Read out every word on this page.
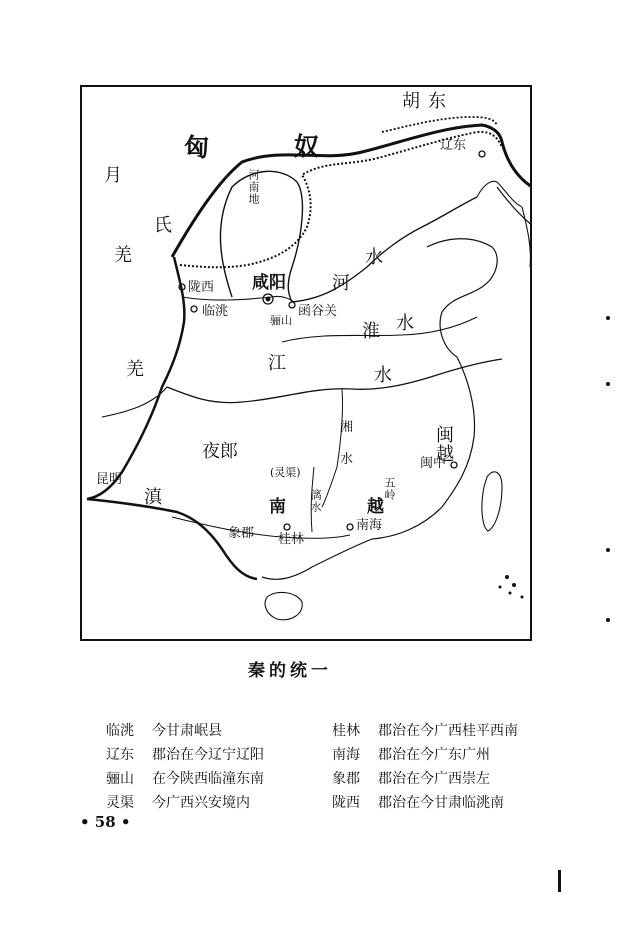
匈	奴
胡东
月
氏
羌
羌
夜郎
滇	南	越
闽越
河
水
淮 水
江
水
湘
水
河南地
五岭
(灵渠)
漓水
咸阳
陇西
临洮
骊山
函谷关
辽东
昆明
象郡 桂林
南海
闽中
秦的统一
临洮	今甘肃岷县
辽东	郡治在今辽宁辽阳
骊山	在今陕西临潼东南
灵渠	今广西兴安境内
桂林	郡治在今广西桂平西南
南海	郡治在今广东广州
象郡	郡治在今广西崇左
陇西	郡治在今甘肃临洮南
• 58 •
